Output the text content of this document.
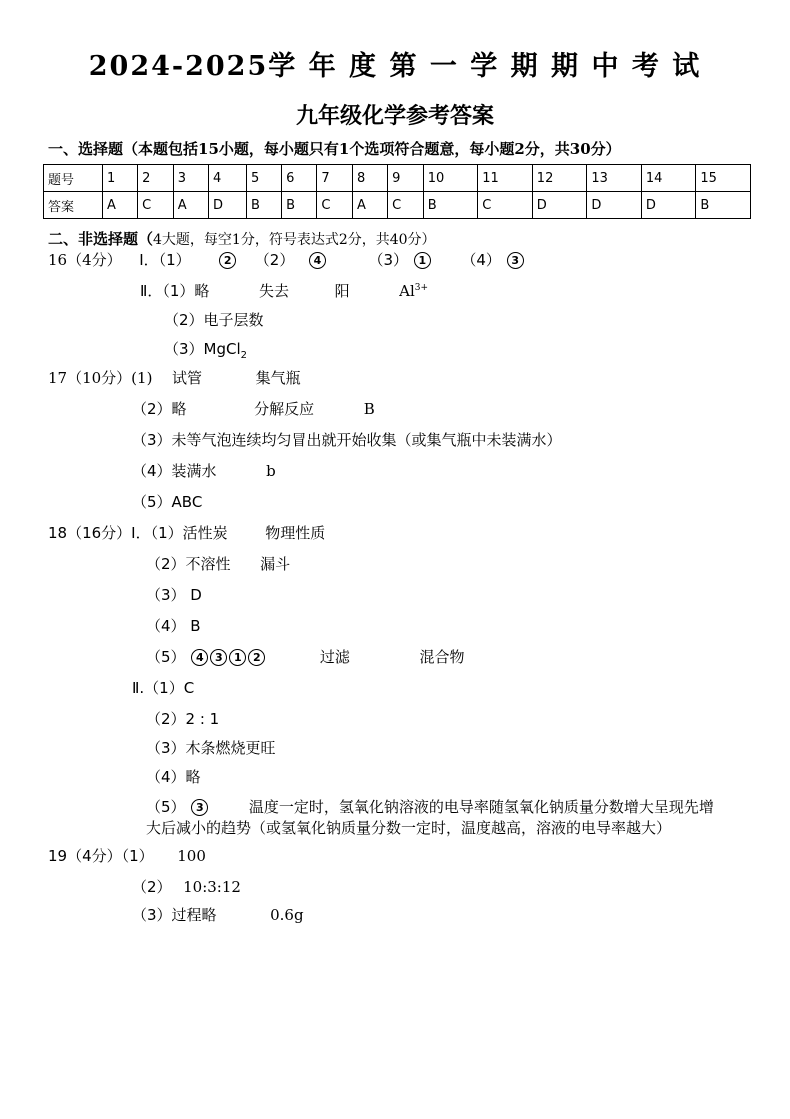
2024-2025学 年 度 第 一 学 期 期 中 考 试
九年级化学参考答案
一、选择题（本题包括15小题，每小题只有1个选项符合题意，每小题2分，共30分）
题号	1	2	3	4	5	6	7	8	9	10	11	12	13	14	15
答案	A	C	A	D	B	B	C	A	C	B	C	D	D	D	B
二、非选择题（4大题，每空1分，符号表达式2分，共40分）
16（4分） Ⅰ．（1）	2 （2） 4	（3） 1 （4） 3
Ⅱ．（1）略	失去	阳	$Al^{3+}$
（2）电子层数
（3）MgCl$_2$
17（10分）(1) 试管	集气瓶
（2）略	分解反应	B
（3）未等气泡连续均匀冒出就开始收集（或集气瓶中未装满水）
（4）装满水	b
（5）ABC
18（16分）Ⅰ．（1）活性炭	物理性质
（2）不溶性 漏斗
（3） D
（4） B
（5） 4 3 1 2	过滤	混合物
Ⅱ.（1）C
（2）2 : 1
（3）木条燃烧更旺
（4）略
（5） 3	温度一定时，氢氧化钠溶液的电导率随氢氧化钠质量分数增大呈现先增
大后减小的趋势（或氢氧化钠质量分数一定时，温度越高，溶液的电导率越大）
19（4分）（1） 100
（2） 10:3:12
（3）过程略	0.6g
